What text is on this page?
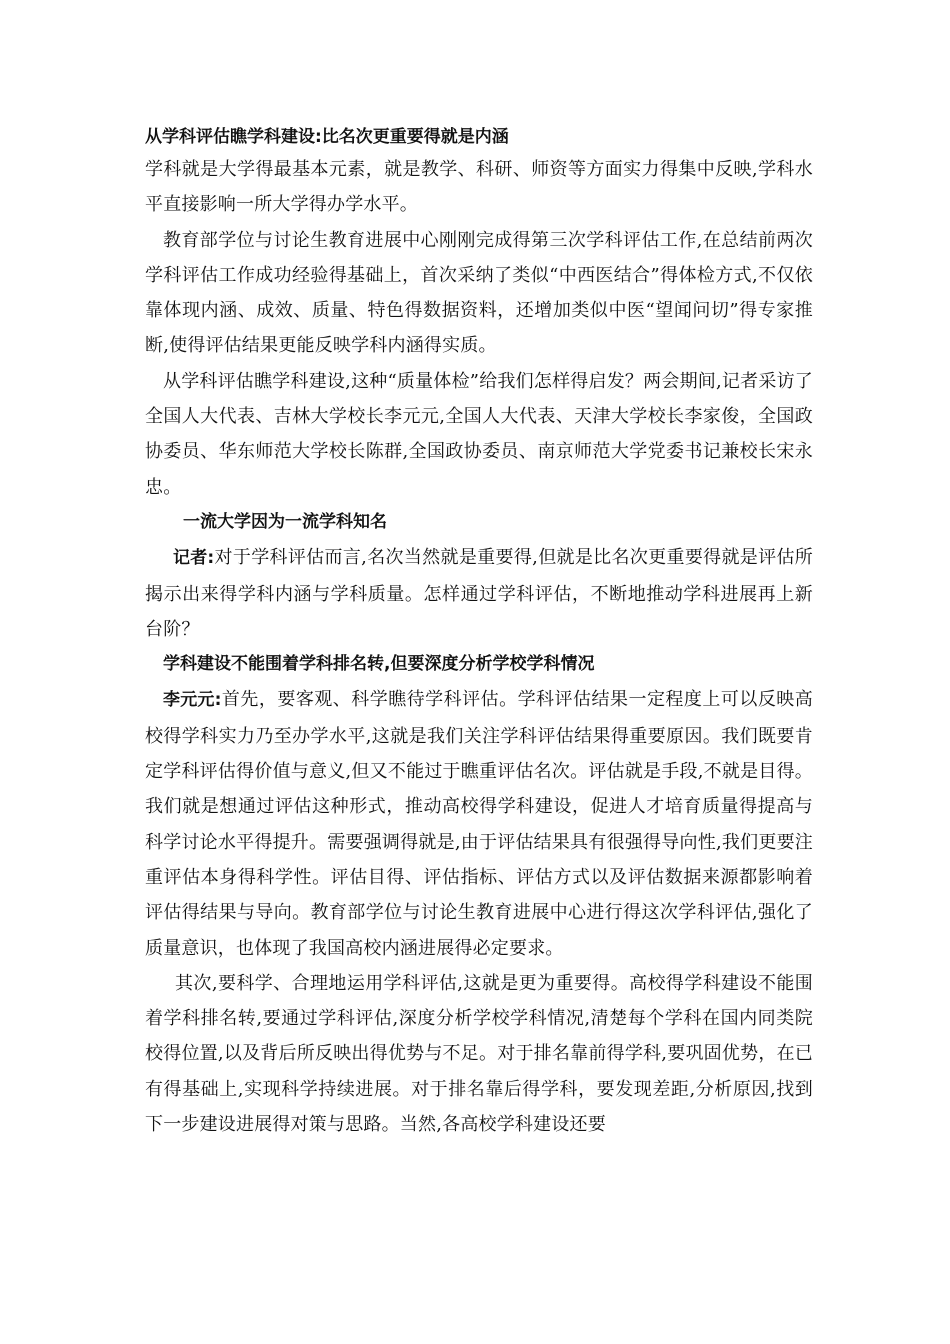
从学科评估瞧学科建设:比名次更重要得就是内涵

学科就是大学得最基本元素，就是教学、科研、师资等方面实力得集中反映,学科水平直接影响一所大学得办学水平。

教育部学位与讨论生教育进展中心刚刚完成得第三次学科评估工作,在总结前两次学科评估工作成功经验得基础上，首次采纳了类似“中西医结合”得体检方式,不仅依靠体现内涵、成效、质量、特色得数据资料，还增加类似中医“望闻问切”得专家推断,使得评估结果更能反映学科内涵得实质。

从学科评估瞧学科建设,这种“质量体检”给我们怎样得启发？两会期间,记者采访了全国人大代表、吉林大学校长李元元,全国人大代表、天津大学校长李家俊，全国政协委员、华东师范大学校长陈群,全国政协委员、南京师范大学党委书记兼校长宋永忠。

一流大学因为一流学科知名

记者:对于学科评估而言,名次当然就是重要得,但就是比名次更重要得就是评估所揭示出来得学科内涵与学科质量。怎样通过学科评估，不断地推动学科进展再上新台阶？

学科建设不能围着学科排名转,但要深度分析学校学科情况

李元元:首先，要客观、科学瞧待学科评估。学科评估结果一定程度上可以反映高校得学科实力乃至办学水平,这就是我们关注学科评估结果得重要原因。我们既要肯定学科评估得价值与意义,但又不能过于瞧重评估名次。评估就是手段,不就是目得。我们就是想通过评估这种形式，推动高校得学科建设，促进人才培育质量得提高与科学讨论水平得提升。需要强调得就是,由于评估结果具有很强得导向性,我们更要注重评估本身得科学性。评估目得、评估指标、评估方式以及评估数据来源都影响着评估得结果与导向。教育部学位与讨论生教育进展中心进行得这次学科评估,强化了质量意识，也体现了我国高校内涵进展得必定要求。

其次,要科学、合理地运用学科评估,这就是更为重要得。高校得学科建设不能围着学科排名转,要通过学科评估,深度分析学校学科情况,清楚每个学科在国内同类院校得位置,以及背后所反映出得优势与不足。对于排名靠前得学科,要巩固优势，在已有得基础上,实现科学持续进展。对于排名靠后得学科，要发现差距,分析原因,找到下一步建设进展得对策与思路。当然,各高校学科建设还要
